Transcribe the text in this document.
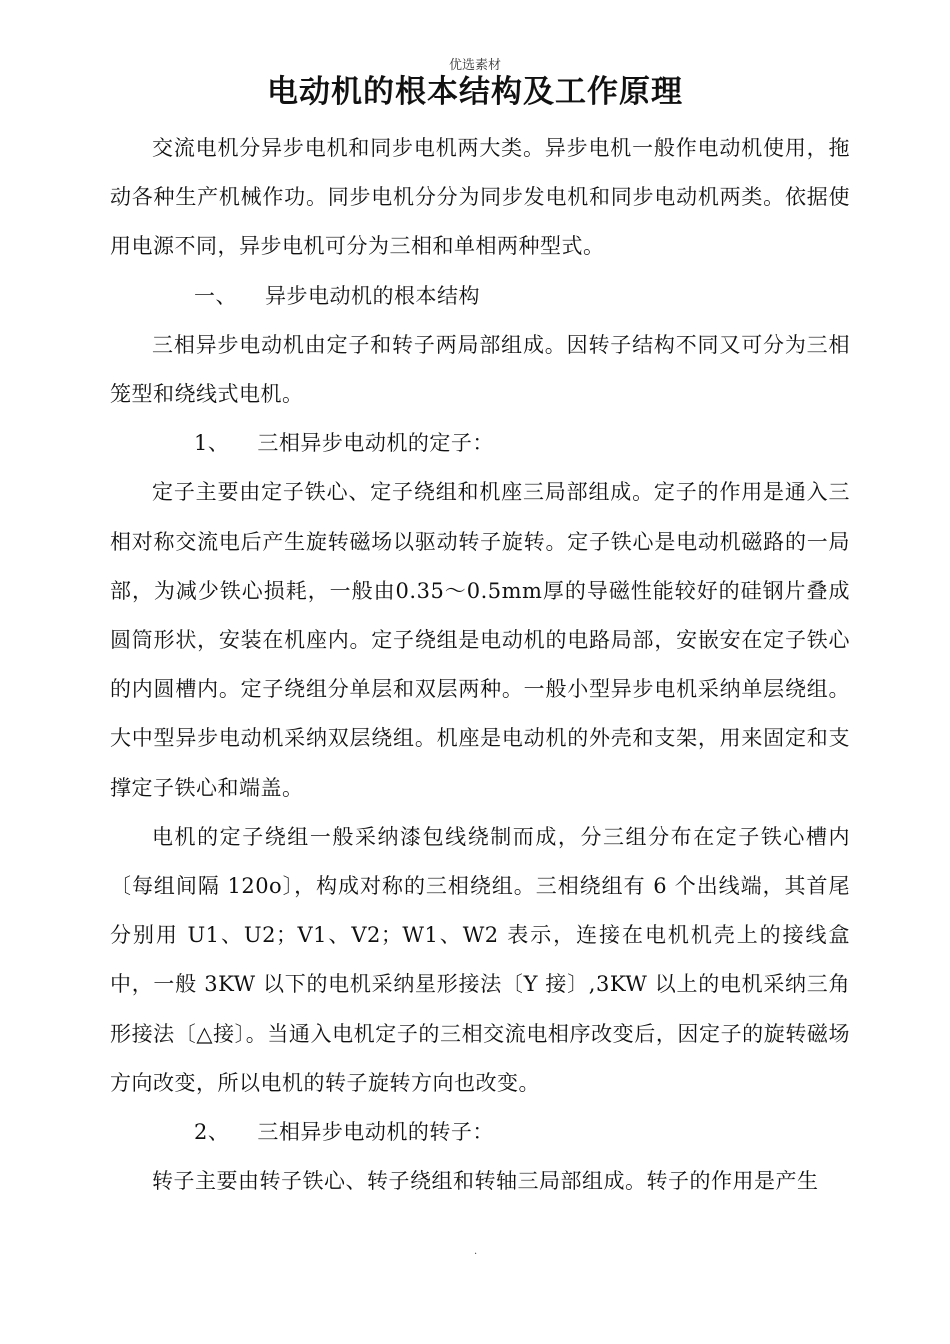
优选素材
电动机的根本结构及工作原理

交流电机分异步电机和同步电机两大类。异步电机一般作电动机使用，拖动各种生产机械作功。同步电机分分为同步发电机和同步电动机两类。依据使用电源不同，异步电机可分为三相和单相两种型式。

一、 异步电动机的根本结构

三相异步电动机由定子和转子两局部组成。因转子结构不同又可分为三相笼型和绕线式电机。

1、 三相异步电动机的定子：

定子主要由定子铁心、定子绕组和机座三局部组成。定子的作用是通入三相对称交流电后产生旋转磁场以驱动转子旋转。定子铁心是电动机磁路的一局部，为减少铁心损耗，一般由0.35～0.5mm厚的导磁性能较好的硅钢片叠成圆筒形状，安装在机座内。定子绕组是电动机的电路局部，安嵌安在定子铁心的内圆槽内。定子绕组分单层和双层两种。一般小型异步电机采纳单层绕组。大中型异步电动机采纳双层绕组。机座是电动机的外壳和支架，用来固定和支撑定子铁心和端盖。

电机的定子绕组一般采纳漆包线绕制而成，分三组分布在定子铁心槽内〔每组间隔 120o〕，构成对称的三相绕组。三相绕组有 6 个出线端，其首尾分别用 U1、U2；V1、V2；W1、W2 表示，连接在电机机壳上的接线盒中，一般 3KW 以下的电机采纳星形接法〔Y 接〕,3KW 以上的电机采纳三角形接法〔△接〕。当通入电机定子的三相交流电相序改变后，因定子的旋转磁场方向改变，所以电机的转子旋转方向也改变。

2、 三相异步电动机的转子：

转子主要由转子铁心、转子绕组和转轴三局部组成。转子的作用是产生

.
